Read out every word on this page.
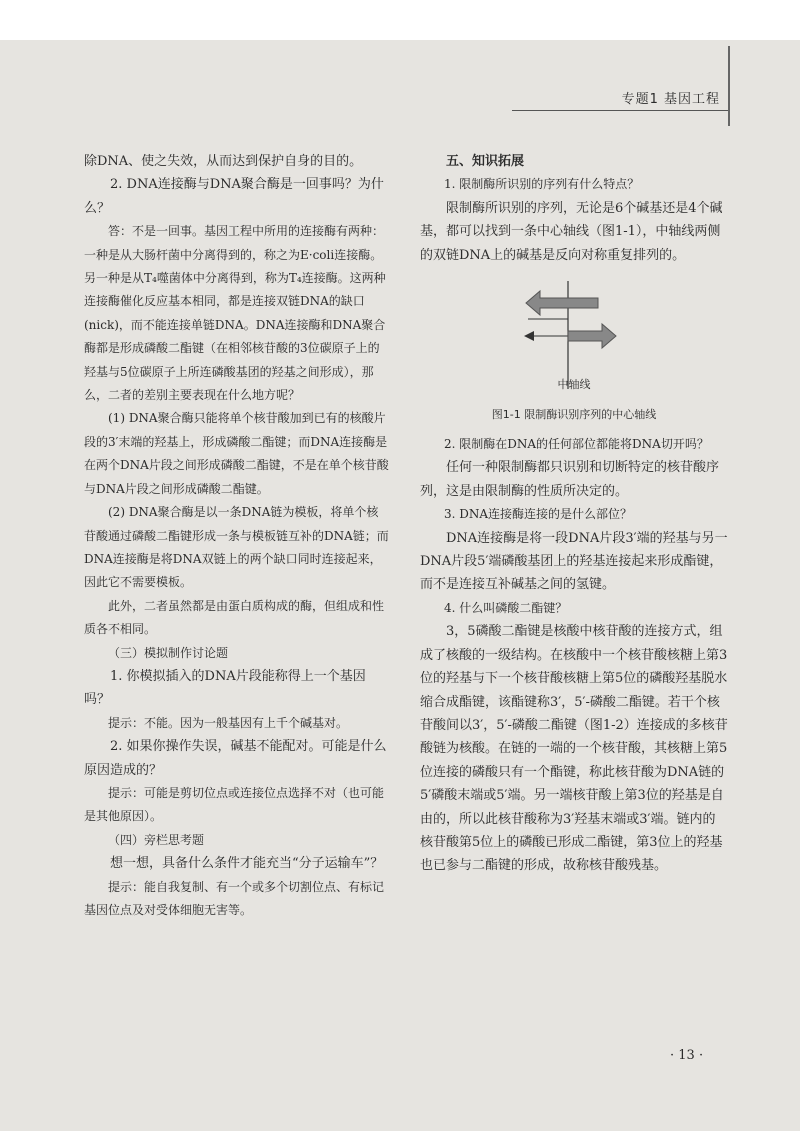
专题1 基因工程

除DNA、使之失效，从而达到保护自身的目的。

2. DNA连接酶与DNA聚合酶是一回事吗？为什么？

答：不是一回事。基因工程中所用的连接酶有两种：一种是从大肠杆菌中分离得到的，称之为E·coli连接酶。另一种是从T₄噬菌体中分离得到，称为T₄连接酶。这两种连接酶催化反应基本相同，都是连接双链DNA的缺口(nick)，而不能连接单链DNA。DNA连接酶和DNA聚合酶都是形成磷酸二酯键（在相邻核苷酸的3位碳原子上的羟基与5位碳原子上所连磷酸基团的羟基之间形成），那么，二者的差别主要表现在什么地方呢？

(1) DNA聚合酶只能将单个核苷酸加到已有的核酸片段的3′末端的羟基上，形成磷酸二酯键；而DNA连接酶是在两个DNA片段之间形成磷酸二酯键，不是在单个核苷酸与DNA片段之间形成磷酸二酯键。

(2) DNA聚合酶是以一条DNA链为模板，将单个核苷酸通过磷酸二酯键形成一条与模板链互补的DNA链；而DNA连接酶是将DNA双链上的两个缺口同时连接起来，因此它不需要模板。

此外，二者虽然都是由蛋白质构成的酶，但组成和性质各不相同。

（三）模拟制作讨论题

1. 你模拟插入的DNA片段能称得上一个基因吗？

提示：不能。因为一般基因有上千个碱基对。

2. 如果你操作失误，碱基不能配对。可能是什么原因造成的？

提示：可能是剪切位点或连接位点选择不对（也可能是其他原因）。

（四）旁栏思考题

想一想，具备什么条件才能充当“分子运输车”？

提示：能自我复制、有一个或多个切割位点、有标记基因位点及对受体细胞无害等。

五、知识拓展

1. 限制酶所识别的序列有什么特点？

限制酶所识别的序列，无论是6个碱基还是4个碱基，都可以找到一条中心轴线（图1-1），中轴线两侧的双链DNA上的碱基是反向对称重复排列的。

中轴线
图1-1 限制酶识别序列的中心轴线

2. 限制酶在DNA的任何部位都能将DNA切开吗？

任何一种限制酶都只识别和切断特定的核苷酸序列，这是由限制酶的性质所决定的。

3. DNA连接酶连接的是什么部位？

DNA连接酶是将一段DNA片段3′端的羟基与另一DNA片段5′端磷酸基团上的羟基连接起来形成酯键，而不是连接互补碱基之间的氢键。

4. 什么叫磷酸二酯键？

3，5磷酸二酯键是核酸中核苷酸的连接方式，组成了核酸的一级结构。在核酸中一个核苷酸核糖上第3位的羟基与下一个核苷酸核糖上第5位的磷酸羟基脱水缩合成酯键，该酯键称3′，5′-磷酸二酯键。若干个核苷酸间以3′，5′-磷酸二酯键（图1-2）连接成的多核苷酸链为核酸。在链的一端的一个核苷酸，其核糖上第5位连接的磷酸只有一个酯键，称此核苷酸为DNA链的5′磷酸末端或5′端。另一端核苷酸上第3位的羟基是自由的，所以此核苷酸称为3′羟基末端或3′端。链内的核苷酸第5位上的磷酸已形成二酯键，第3位上的羟基也已参与二酯键的形成，故称核苷酸残基。

· 13 ·
